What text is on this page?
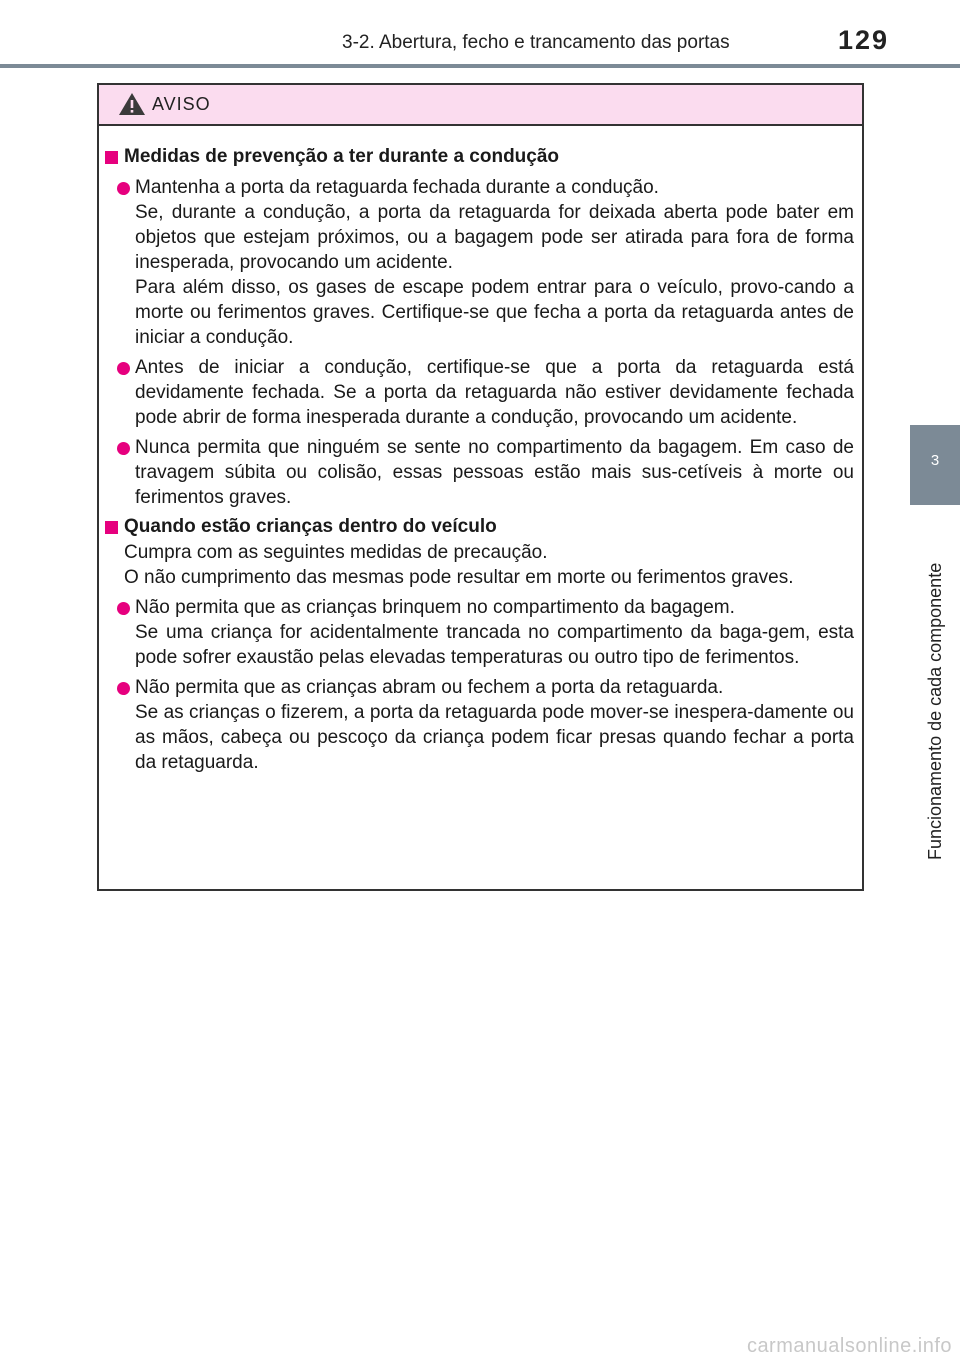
3-2. Abertura, fecho e trancamento das portas	129
3
Funcionamento de cada componente
AVISO
Medidas de prevenção a ter durante a condução

Mantenha a porta da retaguarda fechada durante a condução.

Se, durante a condução, a porta da retaguarda for deixada aberta pode bater em objetos que estejam próximos, ou a bagagem pode ser atirada para fora de forma inesperada, provocando um acidente.

Para além disso, os gases de escape podem entrar para o veículo, provo-cando a morte ou ferimentos graves. Certifique-se que fecha a porta da retaguarda antes de iniciar a condução.

Antes de iniciar a condução, certifique-se que a porta da retaguarda está devidamente fechada. Se a porta da retaguarda não estiver devidamente fechada pode abrir de forma inesperada durante a condução, provocando um acidente.

Nunca permita que ninguém se sente no compartimento da bagagem. Em caso de travagem súbita ou colisão, essas pessoas estão mais sus-cetíveis à morte ou ferimentos graves.

Quando estão crianças dentro do veículo

Cumpra com as seguintes medidas de precaução.

O não cumprimento das mesmas pode resultar em morte ou ferimentos graves.

Não permita que as crianças brinquem no compartimento da bagagem.

Se uma criança for acidentalmente trancada no compartimento da baga-gem, esta pode sofrer exaustão pelas elevadas temperaturas ou outro tipo de ferimentos.

Não permita que as crianças abram ou fechem a porta da retaguarda.

Se as crianças o fizerem, a porta da retaguarda pode mover-se inespera-damente ou as mãos, cabeça ou pescoço da criança podem ficar presas quando fechar a porta da retaguarda.

carmanualsonline.info
